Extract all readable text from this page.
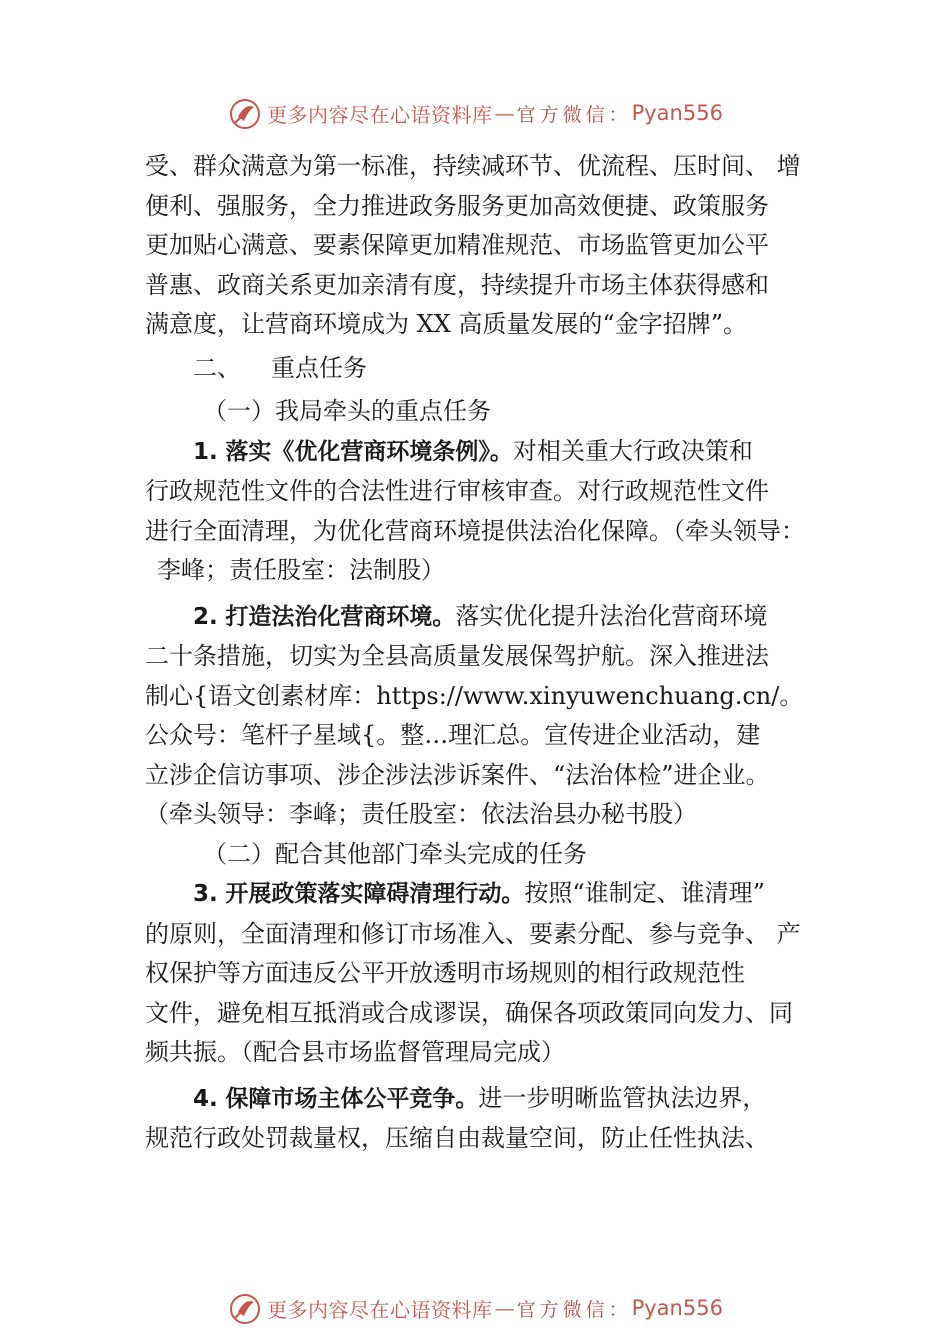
更多内容尽在心语资料库 — 官方微信： Pyan556

受、群众满意为第一标准，持续减环节、优流程、压时间、 增

便利、强服务，全力推进政务服务更加高效便捷、政策服务

更加贴心满意、要素保障更加精准规范、市场监管更加公平

普惠、政商关系更加亲清有度，持续提升市场主体获得感和

满意度，让营商环境成为 XX 高质量发展的“金字招牌”。

二、 重点任务

（一）我局牵头的重点任务

1. 落实《优化营商环境条例》。对相关重大行政决策和

行政规范性文件的合法性进行审核审查。对行政规范性文件

进行全面清理，为优化营商环境提供法治化保障。（牵头领导：

李峰；责任股室：法制股）

2. 打造法治化营商环境。落实优化提升法治化营商环境

二十条措施，切实为全县高质量发展保驾护航。深入推进法

制心{语文创素材库：https://www.xinyuwenchuang.cn/。

公众号：笔杆子星域{。整…理汇总。宣传进企业活动，建

立涉企信访事项、涉企涉法涉诉案件、“法治体检”进企业。

（牵头领导：李峰；责任股室：依法治县办秘书股）

（二）配合其他部门牵头完成的任务

3. 开展政策落实障碍清理行动。按照“谁制定、谁清理”

的原则，全面清理和修订市场准入、要素分配、参与竞争、 产

权保护等方面违反公平开放透明市场规则的相行政规范性

文件，避免相互抵消或合成谬误，确保各项政策同向发力、同

频共振。（配合县市场监督管理局完成）

4. 保障市场主体公平竞争。进一步明晰监管执法边界，

规范行政处罚裁量权，压缩自由裁量空间，防止任性执法、

更多内容尽在心语资料库 — 官方微信： Pyan556
